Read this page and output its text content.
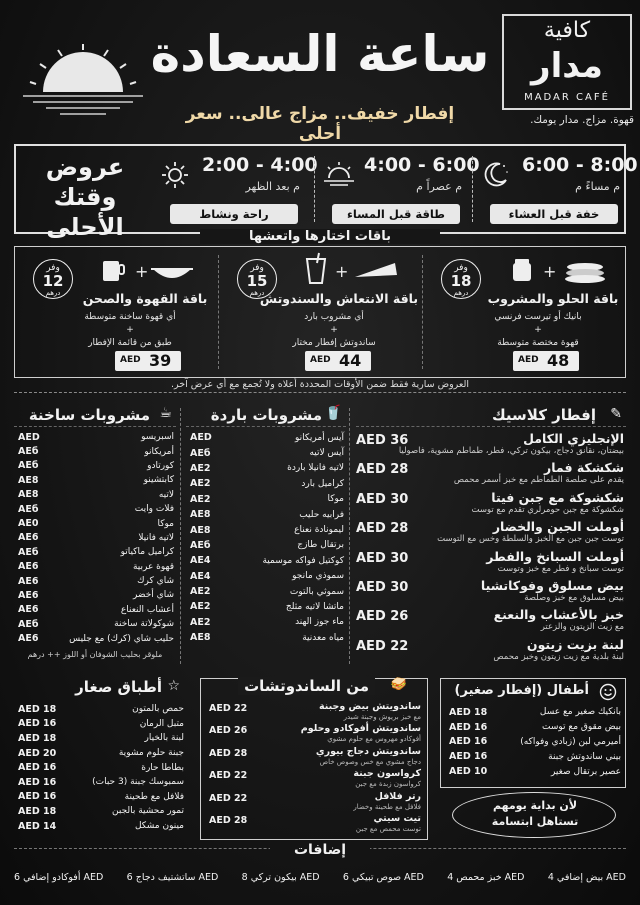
ساعة السعادة
إفطار خفيف.. مزاج عالى.. سعر أحلى
كافية
مدار
MADAR CAFÉ
قهوة. مزاج. مدار يومك.
2:00 - 4:00
م بعد الظهر
راحة ونشاط
4:00 - 6:00
م عصراً م
طاقة قبل المساء
6:00 - 8:00
م مساءً م
خفة قبل العشاء
عروض وقتك
الأحلى
وفر
12
درهم
+
باقة القهوة والصحن
أي قهوة ساخنة متوسطة
+
طبق من قائمة الإفطار
AED 39
وفر
15
درهم
+
باقة الانتعاش والسندوتش
أي مشروب بارد
+
ساندوتش إفطار مختار
AED 44
وفر
18
درهم
+
باقة الحلو والمشروب
بانيك أو تيرست فرنسي
+
قهوة مختصة متوسطة
AED 48
باقات اختارها واتعشها
العروض سارية فقط ضمن الأوقات المحددة أعلاه ولا تُجمع مع أي عرض آخر.
إفطار كلاسيك ✎
AED 36	الإنجليزي الكامل
بيضتان، نقانق دجاج، بيكون تركي، فطر، طماطم مشوية، فاصوليا
AED 28	شكشكة فمار
يقدم على صلصة الطماطم مع خبز أسمر محمص
AED 30	شكشوكة مع جبن فيتا
شكشوكة مع جبن حومرلري تقدم مع توست
AED 28	أوملت الجبن والخضار
توست جبن جبن مع الخبز والسلطة وخس مع التوست
AED 30	أوملت السبانخ والفطر
توست سبانخ و فطر مع خبز وتوست
AED 30	بيض مسلوق وفوكاتشيا
بيض مسلوق مع خبز وصلصة
AED 26	خبز بالأعشاب والنعنع
مع زيت الزيتون والزعتر
AED 22	لبنة بزيت زيتون
لبنة بلدية مع زيت زيتون وخبز محمص
مشروبات باردة 🥤
AED	آيس أمريكانو
AEб	آيس لاتيه
AE2	لاتيه فانيلا باردة
AE2	كراميل بارد
AE2	موكا
AE8	فرابيه حليب
AE8	ليمونادة نعناع
AEб	برتقال طازج
AE4	كوكتيل فواكه موسمية
AE4	سموذي مانجو
AE2	سموثي بالتوت
AE2	ماتشا لاتيه مثلج
AE2	ماء جوز الهند
AE8	مياه معدنية
مشروبات ساخنة ☕
AED	اسبريسو
AEб	أمريكانو
AEб	كورتادو
AE8	كابتشينو
AE8	لاتيه
AEб	فلات وايت
AE0	موكا
AE6	لاتيه فانيلا
AEб	كراميل ماكياتو
AE6	قهوة عربية
AE6	شاي كرك
AE6	شاي أخضر
AE6	أعشاب النعناع
AEб	شوكولاتة ساخنة
AE6	حليب شاي (كرك) مع جليس
ملوقر بحليب الشوفان أو اللوز ++ درهم
أطباق صغار ☆
AED 18	حمص بالمتون
AED 16	متبل الرمان
AED 18	لبنة بالخيار
AED 20	جبنة حلوم مشوية
AED 16	بطاطا حارة
AED 16	سمبوسك جبنة (3 حبات)
AED 16	فلافل مع طحينة
AED 18	تمور محشية بالجبن
AED 14	مينون مشكل
من الساندوتشات	🥪
AED 22	ساندويتش بيض وجبنة
مع خبز بريوش وجبنة شيدر
AED 26	ساندويتش أفوكادو وحلوم
أفوكادو مهروس مع حلوم مشوي
AED 28	ساندويتش دجاج بيوري
دجاج مشوي مع خس وصوص خاص
AED 22	كرواسون جبنة
كرواسون زبدة مع جبن
AED 22	رتر فلافل
فلافل مع طحينة وخضار
AED 28	تيت سيتي
توست محمص مع جبن
أطفال (إفطار صغير)
AED 18	بانكيك صغير مع عسل
AED 16	بيض مقوق مع توست
AED 16	أميرمي لبن (زبادي وفواكه)
AED 16	بيني ساندوتش جبنة
AED 10	عصير برتقال صغير
لأن بداية يومهم
تستاهل ابتسامة
إضافات
6 أفوكادو إضافي AED 6 ساتشتيف دجاج AED 8 بيكون تركي AED 6 صوص تبيكي AED 4 خبز محمص AED 4 بيض إضافي AED
